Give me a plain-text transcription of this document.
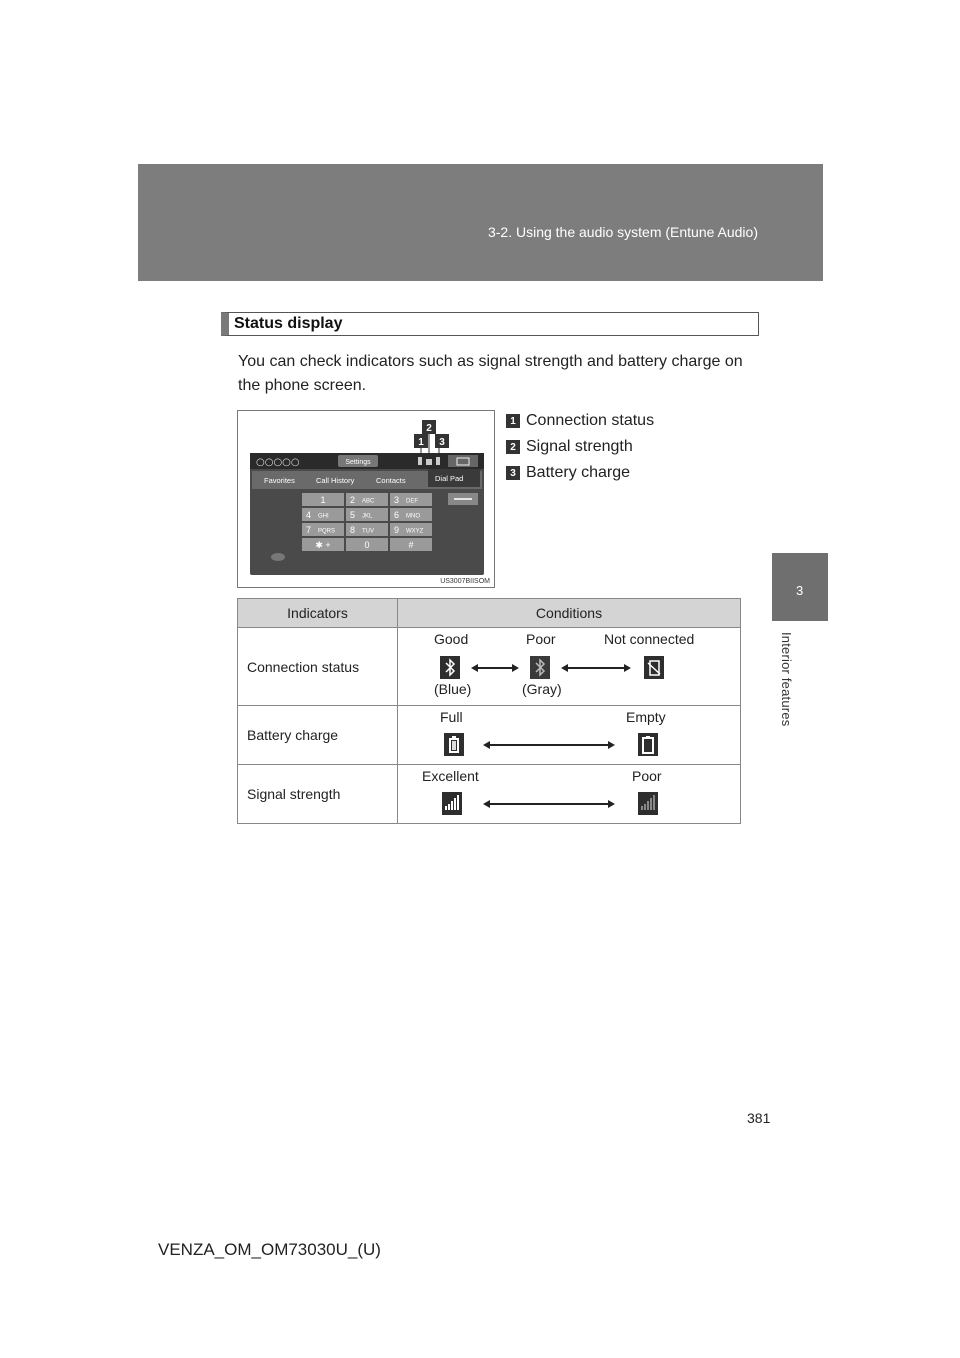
3-2. Using the audio system (Entune Audio)
3
Interior features
Status display

You can check indicators such as signal strength and battery charge on the phone screen.

2
1 3
○○○○○	Settings
Favorites	Call History	Contacts	Dial Pad
1	2 ABC 3 DEF
4 GHI 5 JKL 6 MNO
7 PQRS 8 TUV 9 WXYZ
✱ +	0	#
US3007BIISOM
1 Connection status
2 Signal strength
3 Battery charge
Indicators	Conditions
Connection status	Good Poor Not connected
(Blue) (Gray)

Battery charge	Full Empty

Signal strength	Excellent Poor
381
VENZA_OM_OM73030U_(U)
